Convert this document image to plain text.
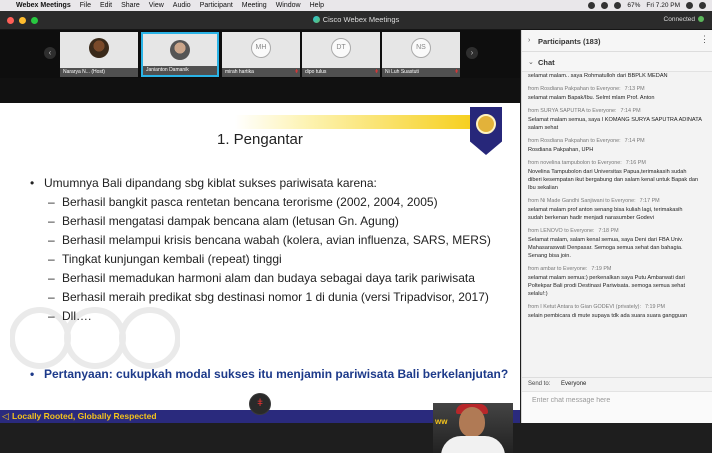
Webex Meetings File Edit Share View Audio Participant Meeting Window Help	67% Fri 7.20 PM
Cisco Webex Meetings	Connected
‹
Nararya N... (Host)	Janianton Damanik
MH
mirah hartika	ǂ
DT
dipo tulus	ǂ
NS
Ni Luh Suastuti	ǂ
›
1. Pengantar
• Umumnya Bali dipandang sbg kiblat sukses pariwisata karena:
– Berhasil bangkit pasca rentetan bencana terorisme (2002, 2004, 2005)
– Berhasil mengatasi dampak bencana alam (letusan Gn. Agung)
– Berhasil melampui krisis bencana wabah (kolera, avian influenza, SARS, MERS)
– Tingkat kunjungan kembali (repeat) tinggi
– Berhasil memadukan harmoni alam dan budaya sebagai daya tarik pariwisata
– Berhasil meraih predikat sbg destinasi nomor 1 di dunia (versi Tripadvisor, 2017)
– Dll….
• Pertanyaan: cukupkah modal sukses itu menjamin pariwisata Bali berkelanjutan?
◁ Locally Rooted, Globally Respected
ww
ǂ
› Participants (183)	⋮
⌄ Chat
selamat malam.. saya Rohmatulloh dari BBPLK MEDAN
from Rosdiana Pakpahan to Everyone: 7:13 PM
selamat malam Bapak/Ibu. Selmt mlam Prof. Anton
from SURYA SAPUTRA to Everyone: 7:14 PM
Selamat malam semua, saya I KOMANG SURYA SAPUTRA ADINATA
salam sehat
from Rosdiana Pakpahan to Everyone: 7:14 PM
Rosdiana Pakpahan, UPH
from novelina tampubolon to Everyone: 7:16 PM
Novelina Tampubolon dari Universitas Papua,terimakasih sudah
diberi kesempatan ikut bergabung dan salam kenal untuk Bapak dan
Ibu sekalian
from Ni Made Gandhi Sanjiwani to Everyone: 7:17 PM
selamat malam prof anton senang bisa kuliah lagi, terimakasih
sudah berkenan hadir menjadi narasumber Godevi
from LENOVO to Everyone: 7:18 PM
Selamat malam, salam kenal semua, saya Deni dari FBA Univ.
Mahasaraswati Denpasar. Semoga semua sehat dan bahagia.
Senang bisa join.
from ambar to Everyone: 7:19 PM
selamat malam semua:) perkenalkan saya Putu Ambarwati dari
Poltekpar Bali prodi Destinasi Pariwisata. semoga semua sehat
selalu!:)
from I Ketut Antara to Gian GODEVI (privately): 7:19 PM
selain pembicara di mute supaya tdk ada suara suara gangguan
Send to: Everyone
Enter chat message here
